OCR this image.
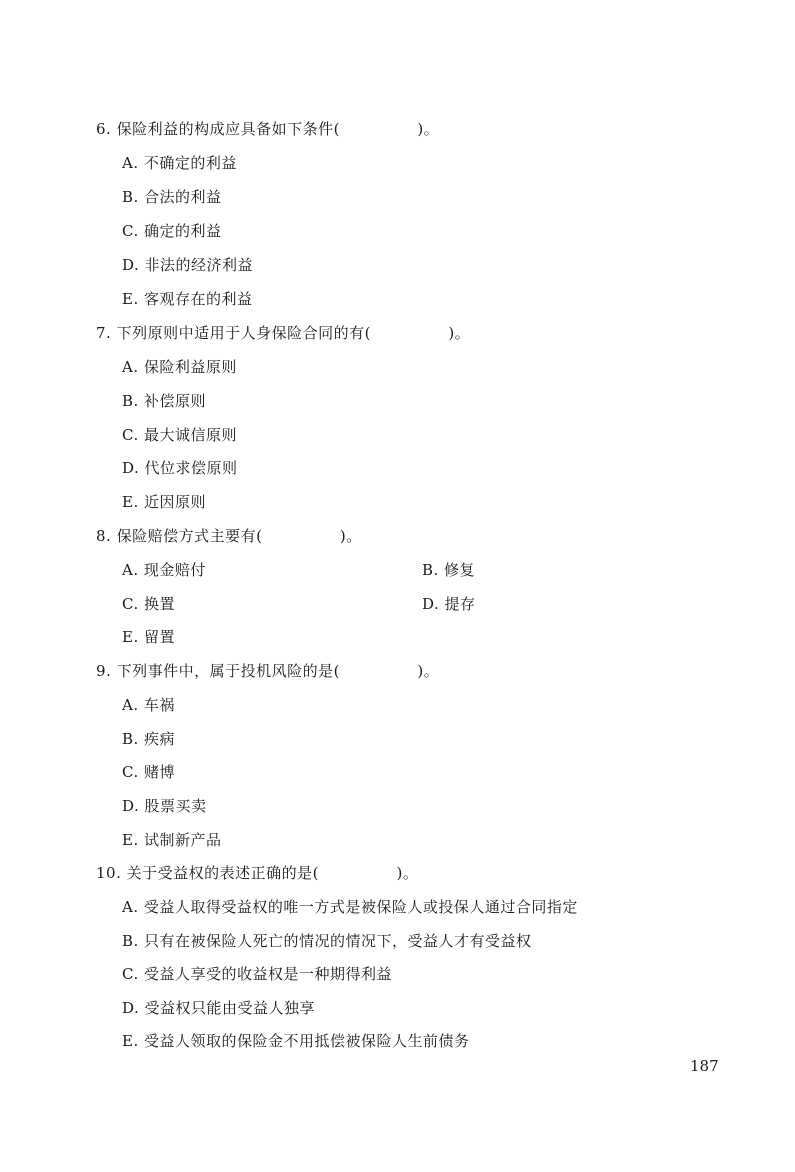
6. 保险利益的构成应具备如下条件(　　　　　)。
A. 不确定的利益
B. 合法的利益
C. 确定的利益
D. 非法的经济利益
E. 客观存在的利益
7. 下列原则中适用于人身保险合同的有(　　　　　)。
A. 保险利益原则
B. 补偿原则
C. 最大诚信原则
D. 代位求偿原则
E. 近因原则
8. 保险赔偿方式主要有(　　　　　)。
A. 现金赔付	B. 修复
C. 换置	D. 提存
E. 留置
9. 下列事件中，属于投机风险的是(　　　　　)。
A. 车祸
B. 疾病
C. 赌博
D. 股票买卖
E. 试制新产品
10. 关于受益权的表述正确的是(　　　　　)。
A. 受益人取得受益权的唯一方式是被保险人或投保人通过合同指定
B. 只有在被保险人死亡的情况的情况下，受益人才有受益权
C. 受益人享受的收益权是一种期得利益
D. 受益权只能由受益人独享
E. 受益人领取的保险金不用抵偿被保险人生前债务
187
